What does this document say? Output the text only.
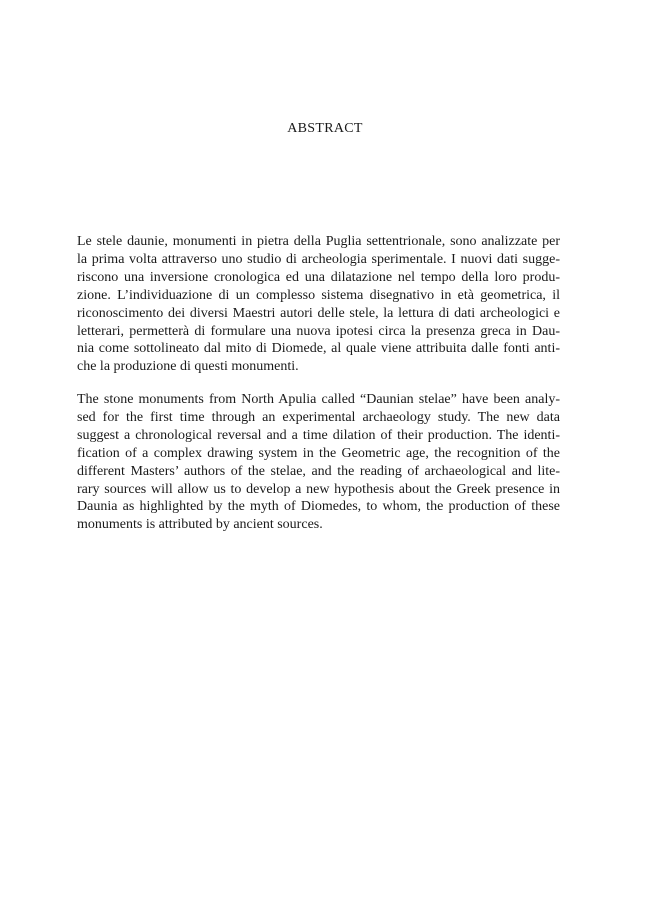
ABSTRACT
Le stele daunie, monumenti in pietra della Puglia settentrionale, sono analizzate per
la prima volta attraverso uno studio di archeologia sperimentale. I nuovi dati sugge-
riscono una inversione cronologica ed una dilatazione nel tempo della loro produ-
zione. L’individuazione di un complesso sistema disegnativo in età geometrica, il
riconoscimento dei diversi Maestri autori delle stele, la lettura di dati archeologici e
letterari, permetterà di formulare una nuova ipotesi circa la presenza greca in Dau-
nia come sottolineato dal mito di Diomede, al quale viene attribuita dalle fonti anti-
che la produzione di questi monumenti.
The stone monuments from North Apulia called “Daunian stelae” have been analy-
sed for the first time through an experimental archaeology study. The new data
suggest a chronological reversal and a time dilation of their production. The identi-
fication of a complex drawing system in the Geometric age, the recognition of the
different Masters’ authors of the stelae, and the reading of archaeological and lite-
rary sources will allow us to develop a new hypothesis about the Greek presence in
Daunia as highlighted by the myth of Diomedes, to whom, the production of these
monuments is attributed by ancient sources.
